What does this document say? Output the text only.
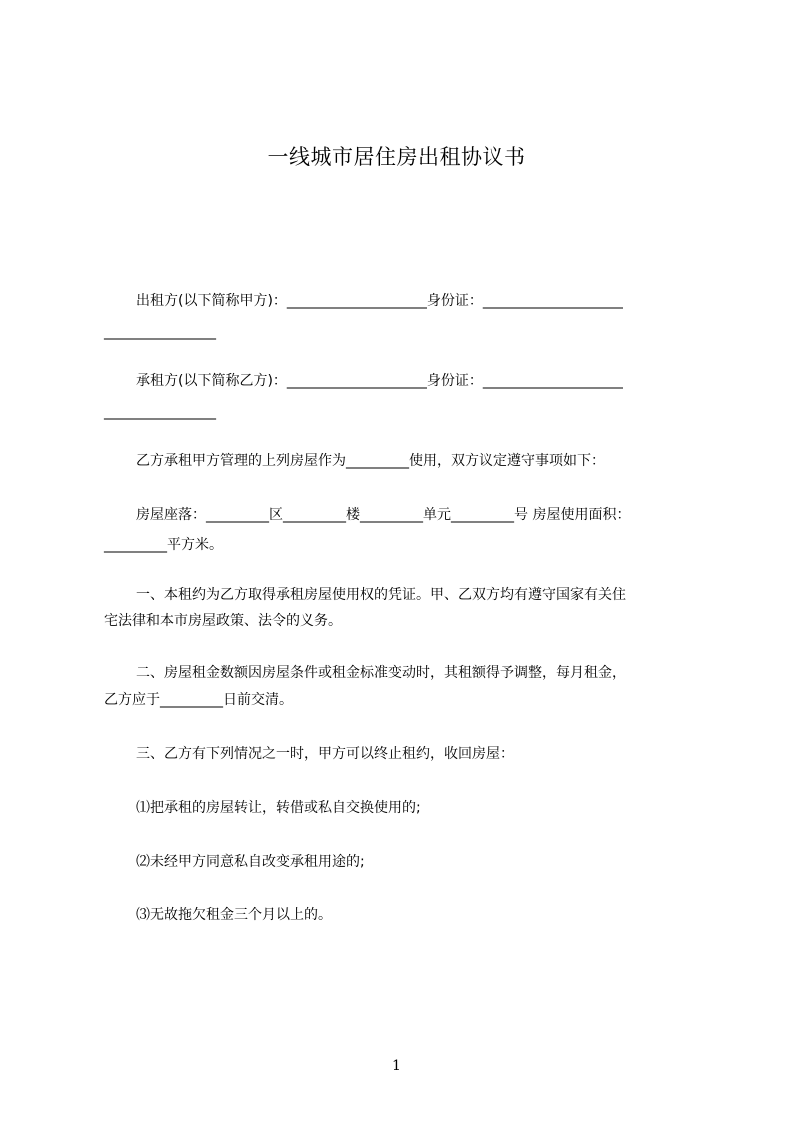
一线城市居住房出租协议书
出租方(以下简称甲方)：____________________身份证：____________________
________________
承租方(以下简称乙方)：____________________身份证：____________________
________________
乙方承租甲方管理的上列房屋作为_________使用，双方议定遵守事项如下：
房屋座落：_________区_________楼_________单元_________号 房屋使用面积：
_________平方米。
一、本租约为乙方取得承租房屋使用权的凭证。甲、乙双方均有遵守国家有关住
宅法律和本市房屋政策、法令的义务。
二、房屋租金数额因房屋条件或租金标准变动时，其租额得予调整，每月租金，
乙方应于_________日前交清。
三、乙方有下列情况之一时，甲方可以终止租约，收回房屋：
⑴把承租的房屋转让，转借或私自交换使用的;
⑵未经甲方同意私自改变承租用途的;
⑶无故拖欠租金三个月以上的。
1
